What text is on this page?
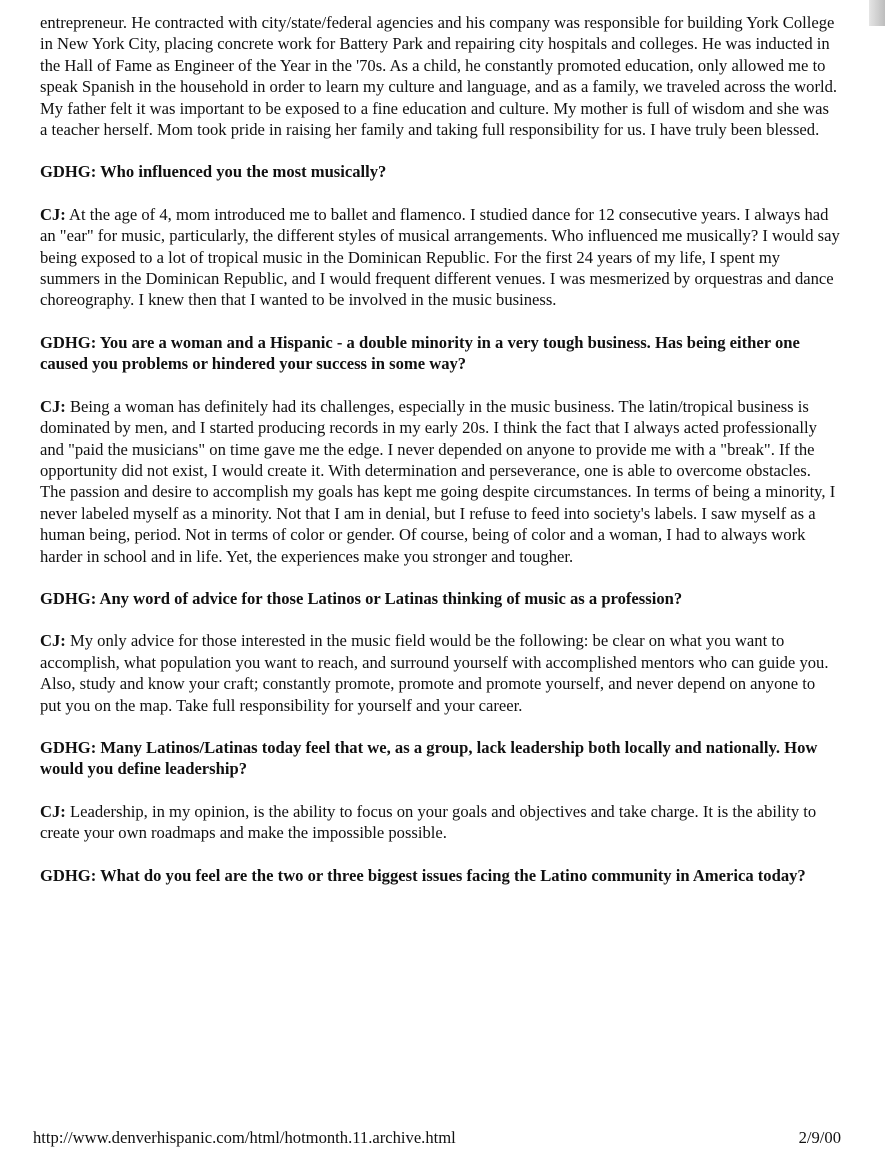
entrepreneur. He contracted with city/state/federal agencies and his company was responsible for building York College in New York City, placing concrete work for Battery Park and repairing city hospitals and colleges. He was inducted in the Hall of Fame as Engineer of the Year in the '70s. As a child, he constantly promoted education, only allowed me to speak Spanish in the household in order to learn my culture and language, and as a family, we traveled across the world. My father felt it was important to be exposed to a fine education and culture. My mother is full of wisdom and she was a teacher herself. Mom took pride in raising her family and taking full responsibility for us. I have truly been blessed.

GDHG: Who influenced you the most musically?

CJ: At the age of 4, mom introduced me to ballet and flamenco. I studied dance for 12 consecutive years. I always had an "ear" for music, particularly, the different styles of musical arrangements. Who influenced me musically? I would say being exposed to a lot of tropical music in the Dominican Republic. For the first 24 years of my life, I spent my summers in the Dominican Republic, and I would frequent different venues. I was mesmerized by orquestras and dance choreography. I knew then that I wanted to be involved in the music business.

GDHG: You are a woman and a Hispanic - a double minority in a very tough business. Has being either one caused you problems or hindered your success in some way?

CJ: Being a woman has definitely had its challenges, especially in the music business. The latin/tropical business is dominated by men, and I started producing records in my early 20s. I think the fact that I always acted professionally and "paid the musicians" on time gave me the edge. I never depended on anyone to provide me with a "break". If the opportunity did not exist, I would create it. With determination and perseverance, one is able to overcome obstacles. The passion and desire to accomplish my goals has kept me going despite circumstances. In terms of being a minority, I never labeled myself as a minority. Not that I am in denial, but I refuse to feed into society's labels. I saw myself as a human being, period. Not in terms of color or gender. Of course, being of color and a woman, I had to always work harder in school and in life. Yet, the experiences make you stronger and tougher.

GDHG: Any word of advice for those Latinos or Latinas thinking of music as a profession?

CJ: My only advice for those interested in the music field would be the following: be clear on what you want to accomplish, what population you want to reach, and surround yourself with accomplished mentors who can guide you. Also, study and know your craft; constantly promote, promote and promote yourself, and never depend on anyone to put you on the map. Take full responsibility for yourself and your career.

GDHG: Many Latinos/Latinas today feel that we, as a group, lack leadership both locally and nationally. How would you define leadership?

CJ: Leadership, in my opinion, is the ability to focus on your goals and objectives and take charge. It is the ability to create your own roadmaps and make the impossible possible.

GDHG: What do you feel are the two or three biggest issues facing the Latino community in America today?

http://www.denverhispanic.com/html/hotmonth.11.archive.html	2/9/00
